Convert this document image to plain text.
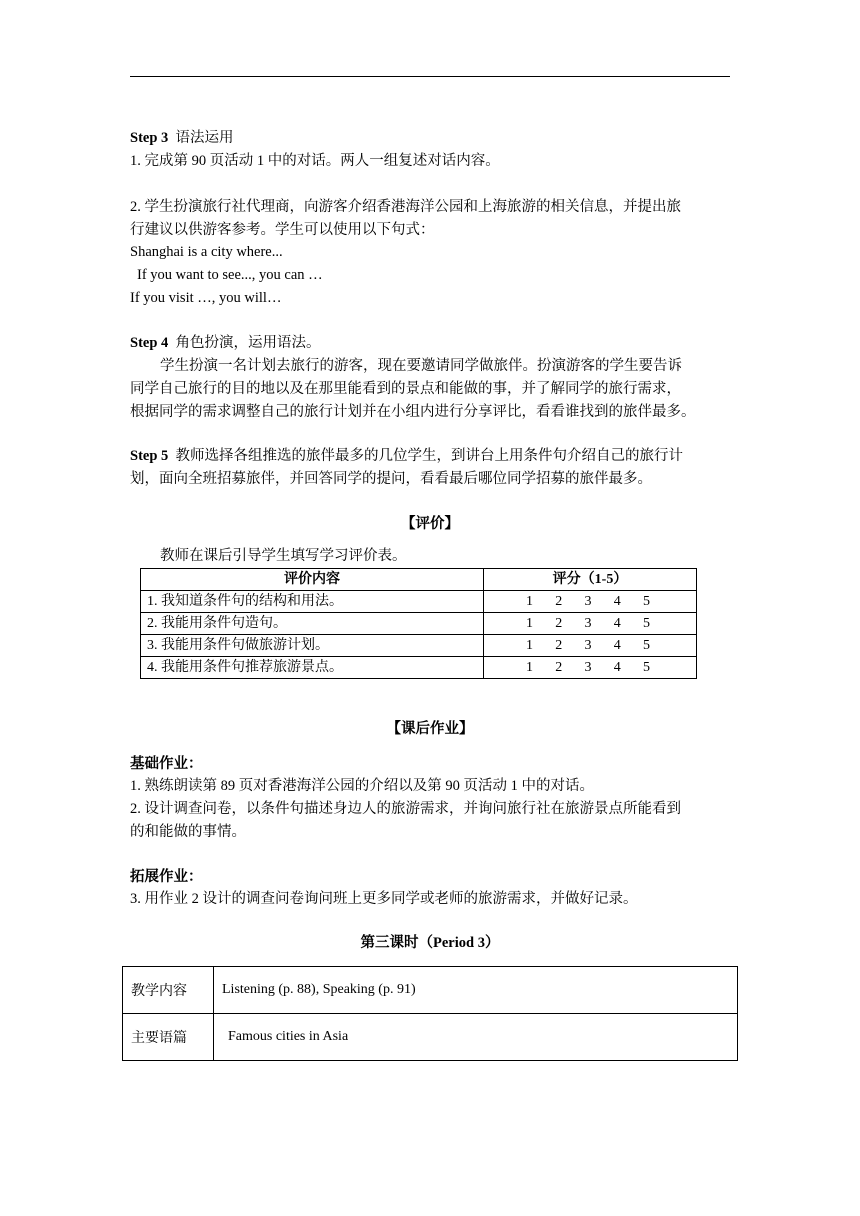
Step 3 语法运用
1. 完成第 90 页活动 1 中的对话。两人一组复述对话内容。
2. 学生扮演旅行社代理商，向游客介绍香港海洋公园和上海旅游的相关信息，并提出旅
行建议以供游客参考。学生可以使用以下句式：
Shanghai is a city where...
If you want to see..., you can …
If you visit …, you will…
Step 4 角色扮演，运用语法。
学生扮演一名计划去旅行的游客，现在要邀请同学做旅伴。扮演游客的学生要告诉
同学自己旅行的目的地以及在那里能看到的景点和能做的事，并了解同学的旅行需求，
根据同学的需求调整自己的旅行计划并在小组内进行分享评比，看看谁找到的旅伴最多。
Step 5 教师选择各组推选的旅伴最多的几位学生，到讲台上用条件句介绍自己的旅行计
划，面向全班招募旅伴，并回答同学的提问，看看最后哪位同学招募的旅伴最多。
【评价】
教师在课后引导学生填写学习评价表。
评价内容	评分（1-5）
1. 我知道条件句的结构和用法。	1 2 3 4 5

2. 我能用条件句造句。	1 2 3 4 5

3. 我能用条件句做旅游计划。	1 2 3 4 5

4. 我能用条件句推荐旅游景点。	1 2 3 4 5
【课后作业】
基础作业：
1. 熟练朗读第 89 页对香港海洋公园的介绍以及第 90 页活动 1 中的对话。
2. 设计调查问卷，以条件句描述身边人的旅游需求，并询问旅行社在旅游景点所能看到
的和能做的事情。
拓展作业：
3. 用作业 2 设计的调查问卷询问班上更多同学或老师的旅游需求，并做好记录。
第三课时（Period 3）
教学内容	Listening (p. 88), Speaking (p. 91)
主要语篇	Famous cities in Asia
